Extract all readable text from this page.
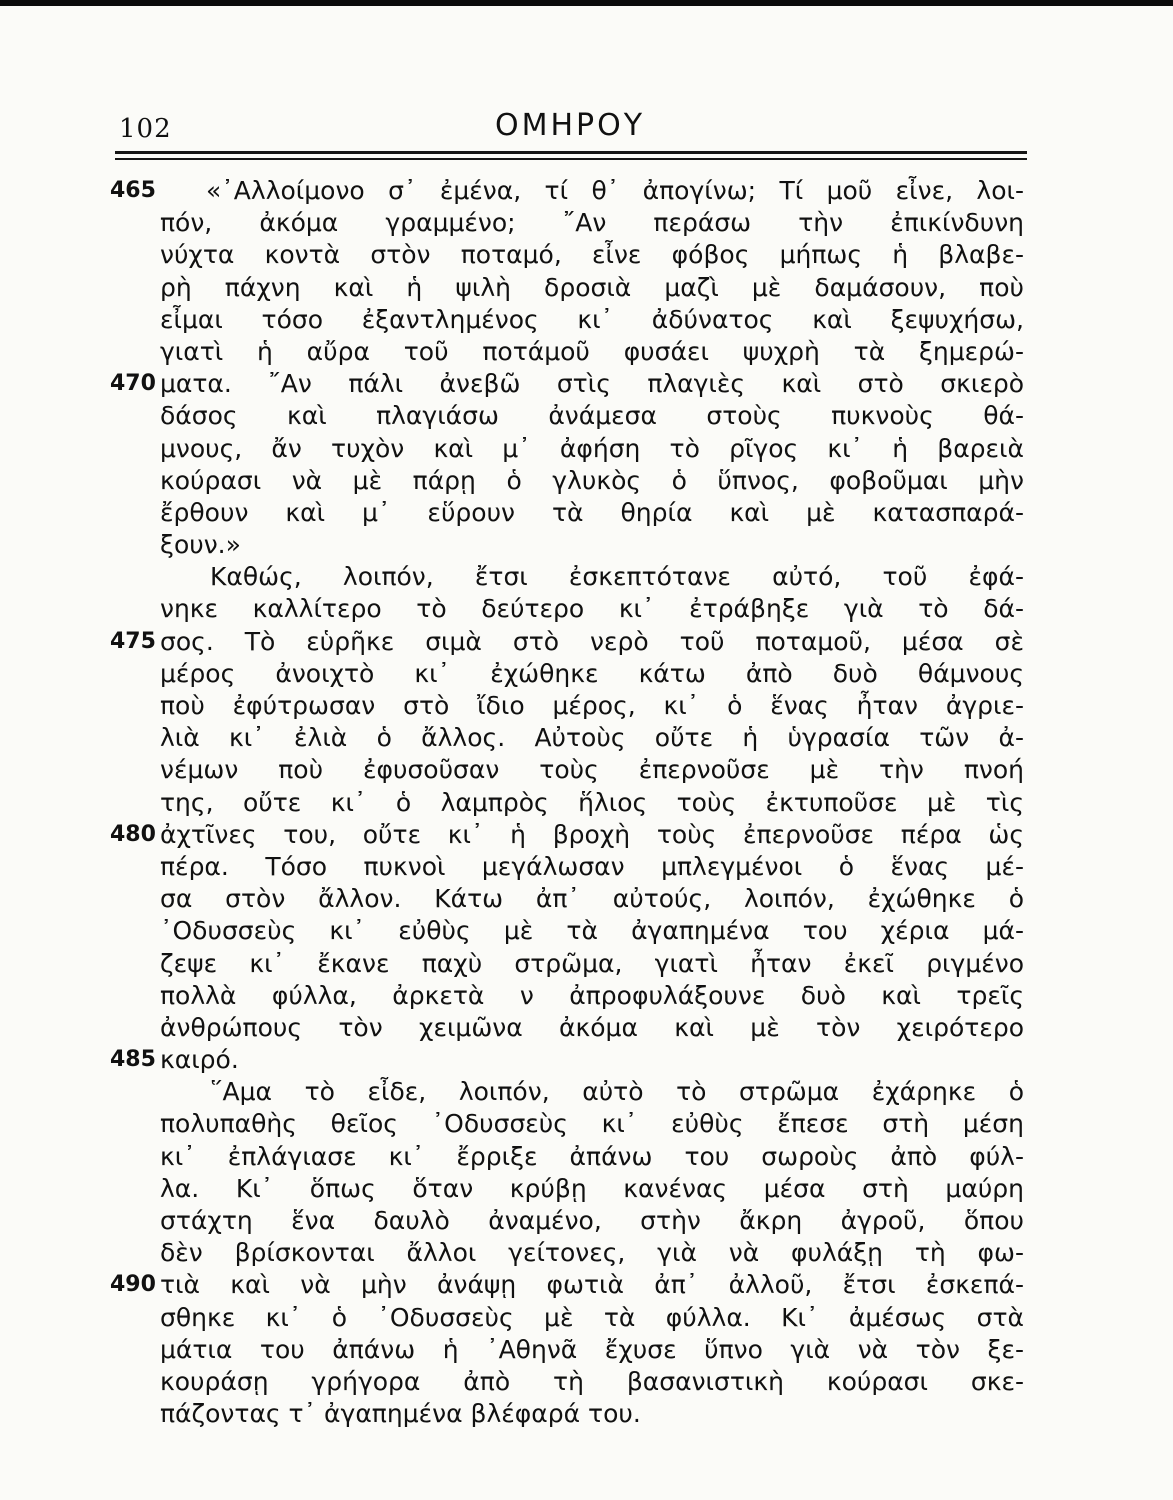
102	ΟΜΗΡΟΥ
465 «᾿Αλλοίμονο σ᾿ ἐμένα, τί θ᾿ ἀπογίνω; Τί μοῦ εἶνε, λοι-
πόν, ἀκόμα γραμμένο; ῎Αν περάσω τὴν ἐπικίνδυνη
νύχτα κοντὰ στὸν ποταμό, εἶνε φόβος μήπως ἡ βλαβε-
ρὴ πάχνη καὶ ἡ ψιλὴ δροσιὰ μαζὶ μὲ δαμάσουν, ποὺ
εἶμαι τόσο ἐξαντλημένος κι᾿ ἀδύνατος καὶ ξεψυχήσω,
γιατὶ ἡ αὔρα τοῦ ποτάμοῦ φυσάει ψυχρὴ τὰ ξημερώ-
470 ματα. ῎Αν πάλι ἀνεβῶ στὶς πλαγιὲς καὶ στὸ σκιερὸ
δάσος καὶ πλαγιάσω ἀνάμεσα στοὺς πυκνοὺς θά-
μνους, ἄν τυχὸν καὶ μ᾿ ἀφήση τὸ ρῖγος κι᾿ ἡ βαρειὰ
κούρασι νὰ μὲ πάρῃ ὁ γλυκὸς ὁ ὕπνος, φοβοῦμαι μὴν
ἔρθουν καὶ μ᾿ εὕρουν τὰ θηρία καὶ μὲ κατασπαρά-
ξουν.»
Καθώς, λοιπόν, ἔτσι ἐσκεπτότανε αὐτό, τοῦ ἐφά-
νηκε καλλίτερο τὸ δεύτερο κι᾿ ἐτράβηξε γιὰ τὸ δά-
475 σος. Τὸ εὑρῆκε σιμὰ στὸ νερὸ τοῦ ποταμοῦ, μέσα σὲ
μέρος ἀνοιχτὸ κι᾿ ἐχώθηκε κάτω ἀπὸ δυὸ θάμνους
ποὺ ἐφύτρωσαν στὸ ἴδιο μέρος, κι᾿ ὁ ἕνας ἦταν ἀγριε-
λιὰ κι᾿ ἐλιὰ ὁ ἄλλος. Αὐτοὺς οὔτε ἡ ὑγρασία τῶν ἀ-
νέμων ποὺ ἐφυσοῦσαν τοὺς ἐπερνοῦσε μὲ τὴν πνοή
της, οὔτε κι᾿ ὁ λαμπρὸς ἥλιος τοὺς ἐκτυποῦσε μὲ τὶς
480 ἀχτῖνες του, οὔτε κι᾿ ἡ βροχὴ τοὺς ἐπερνοῦσε πέρα ὡς
πέρα. Τόσο πυκνοὶ μεγάλωσαν μπλεγμένοι ὁ ἕνας μέ-
σα στὸν ἄλλον. Κάτω ἀπ᾿ αὐτούς, λοιπόν, ἐχώθηκε ὁ
᾿Οδυσσεὺς κι᾿ εὐθὺς μὲ τὰ ἀγαπημένα του χέρια μά-
ζεψε κι᾿ ἔκανε παχὺ στρῶμα, γιατὶ ἦταν ἐκεῖ ριγμένο
πολλὰ φύλλα, ἀρκετὰ ν ἀπροφυλάξουνε δυὸ καὶ τρεῖς
ἀνθρώπους τὸν χειμῶνα ἀκόμα καὶ μὲ τὸν χειρότερο
485 καιρό.
῞Αμα τὸ εἶδε, λοιπόν, αὐτὸ τὸ στρῶμα ἐχάρηκε ὁ
πολυπαθὴς θεῖος ᾿Οδυσσεὺς κι᾿ εὐθὺς ἔπεσε στὴ μέση
κι᾿ ἐπλάγιασε κι᾿ ἔρριξε ἀπάνω του σωροὺς ἀπὸ φύλ-
λα. Κι᾿ ὅπως ὅταν κρύβῃ κανένας μέσα στὴ μαύρη
στάχτη ἕνα δαυλὸ ἀναμένο, στὴν ἄκρη ἀγροῦ, ὅπου
δὲν βρίσκονται ἄλλοι γείτονες, γιὰ νὰ φυλάξῃ τὴ φω-
490 τιὰ καὶ νὰ μὴν ἀνάψῃ φωτιὰ ἀπ᾿ ἀλλοῦ, ἔτσι ἐσκεπά-
σθηκε κι᾿ ὁ ᾿Οδυσσεὺς μὲ τὰ φύλλα. Κι᾿ ἀμέσως στὰ
μάτια του ἀπάνω ἡ ᾿Αθηνᾶ ἔχυσε ὕπνο γιὰ νὰ τὸν ξε-
κουράσῃ γρήγορα ἀπὸ τὴ βασανιστικὴ κούρασι σκε-
πάζοντας τ᾿ ἀγαπημένα βλέφαρά του.
